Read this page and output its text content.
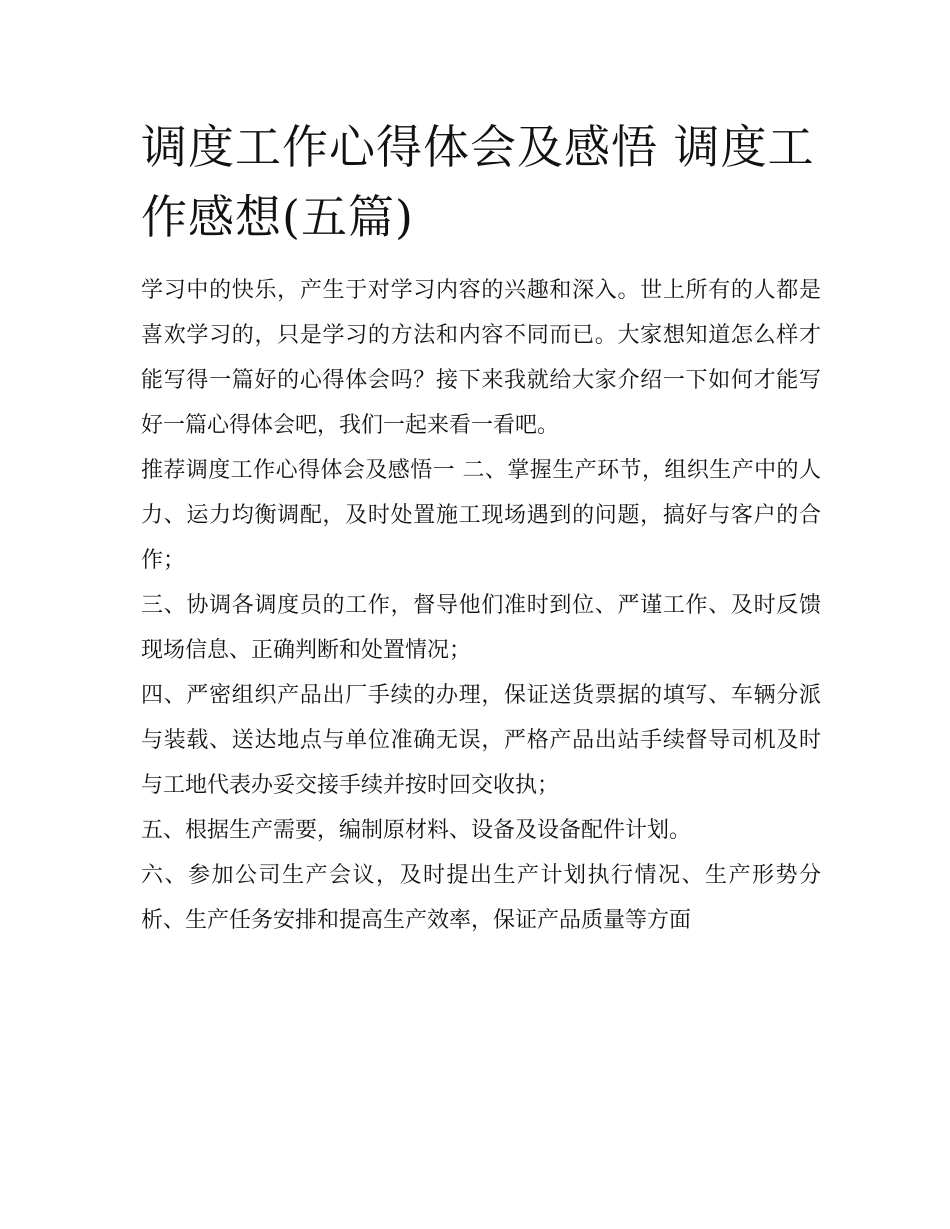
调度工作心得体会及感悟 调度工作感想(五篇)

学习中的快乐，产生于对学习内容的兴趣和深入。世上所有的人都是喜欢学习的，只是学习的方法和内容不同而已。大家想知道怎么样才能写得一篇好的心得体会吗？接下来我就给大家介绍一下如何才能写好一篇心得体会吧，我们一起来看一看吧。

推荐调度工作心得体会及感悟一 二、掌握生产环节，组织生产中的人力、运力均衡调配，及时处置施工现场遇到的问题，搞好与客户的合作；

三、协调各调度员的工作，督导他们准时到位、严谨工作、及时反馈现场信息、正确判断和处置情况；

四、严密组织产品出厂手续的办理，保证送货票据的填写、车辆分派与装载、送达地点与单位准确无误，严格产品出站手续督导司机及时与工地代表办妥交接手续并按时回交收执；

五、根据生产需要，编制原材料、设备及设备配件计划。

六、参加公司生产会议，及时提出生产计划执行情况、生产形势分析、生产任务安排和提高生产效率，保证产品质量等方面
